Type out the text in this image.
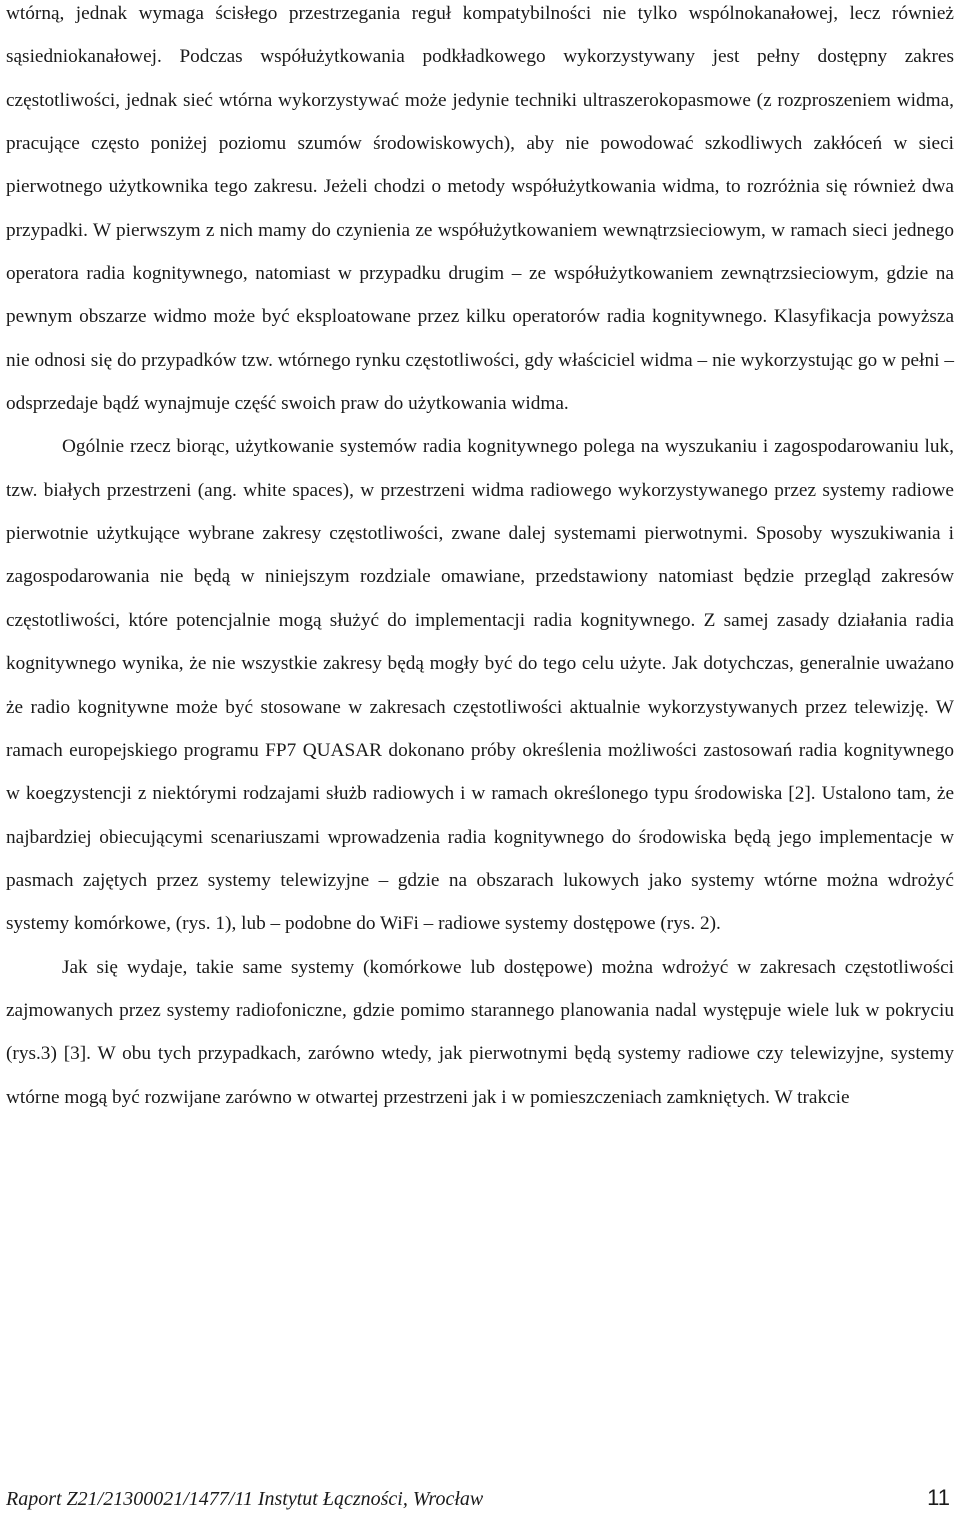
wtórną, jednak wymaga ścisłego przestrzegania reguł kompatybilności nie tylko wspólnokanałowej, lecz również sąsiedniokanałowej. Podczas współużytkowania podkładkowego wykorzystywany jest pełny dostępny zakres częstotliwości, jednak sieć wtórna wykorzystywać może jedynie techniki ultraszerokopasmowe (z rozproszeniem widma, pracujące często poniżej poziomu szumów środowiskowych), aby nie powodować szkodliwych zakłóceń w sieci pierwotnego użytkownika tego zakresu. Jeżeli chodzi o metody współużytkowania widma, to rozróżnia się również dwa przypadki. W pierwszym z nich mamy do czynienia ze współużytkowaniem wewnątrzsieciowym, w ramach sieci jednego operatora radia kognitywnego, natomiast w przypadku drugim – ze współużytkowaniem zewnątrzsieciowym, gdzie na pewnym obszarze widmo może być eksploatowane przez kilku operatorów radia kognitywnego. Klasyfikacja powyższa nie odnosi się do przypadków tzw. wtórnego rynku częstotliwości, gdy właściciel widma – nie wykorzystując go w pełni – odsprzedaje bądź wynajmuje część swoich praw do użytkowania widma.

Ogólnie rzecz biorąc, użytkowanie systemów radia kognitywnego polega na wyszukaniu i zagospodarowaniu luk, tzw. białych przestrzeni (ang. white spaces), w przestrzeni widma radiowego wykorzystywanego przez systemy radiowe pierwotnie użytkujące wybrane zakresy częstotliwości, zwane dalej systemami pierwotnymi. Sposoby wyszukiwania i zagospodarowania nie będą w niniejszym rozdziale omawiane, przedstawiony natomiast będzie przegląd zakresów częstotliwości, które potencjalnie mogą służyć do implementacji radia kognitywnego. Z samej zasady działania radia kognitywnego wynika, że nie wszystkie zakresy będą mogły być do tego celu użyte. Jak dotychczas, generalnie uważano że radio kognitywne może być stosowane w zakresach częstotliwości aktualnie wykorzystywanych przez telewizję. W ramach europejskiego programu FP7 QUASAR dokonano próby określenia możliwości zastosowań radia kognitywnego w koegzystencji z niektórymi rodzajami służb radiowych i w ramach określonego typu środowiska [2]. Ustalono tam, że najbardziej obiecującymi scenariuszami wprowadzenia radia kognitywnego do środowiska będą jego implementacje w pasmach zajętych przez systemy telewizyjne – gdzie na obszarach lukowych jako systemy wtórne można wdrożyć systemy komórkowe, (rys. 1), lub – podobne do WiFi – radiowe systemy dostępowe (rys. 2).

Jak się wydaje, takie same systemy (komórkowe lub dostępowe) można wdrożyć w zakresach częstotliwości zajmowanych przez systemy radiofoniczne, gdzie pomimo starannego planowania nadal występuje wiele luk w pokryciu (rys.3) [3]. W obu tych przypadkach, zarówno wtedy, jak pierwotnymi będą systemy radiowe czy telewizyjne, systemy wtórne mogą być rozwijane zarówno w otwartej przestrzeni jak i w pomieszczeniach zamkniętych. W trakcie

Raport Z21/21300021/1477/11 Instytut Łączności, Wrocław	11
